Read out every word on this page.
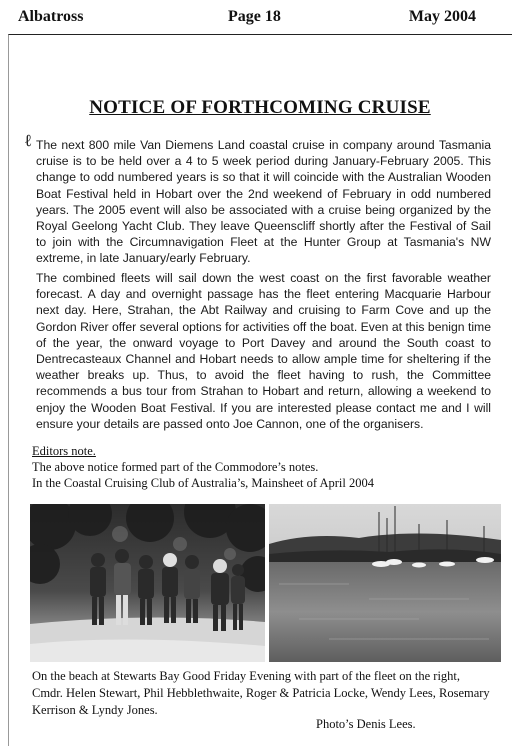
Albatross	Page 18	May 2004
NOTICE OF FORTHCOMING CRUISE
ℓ The next 800 mile Van Diemens Land coastal cruise in company around Tasmania cruise is to be held over a 4 to 5 week period during January-February 2005. This change to odd numbered years is so that it will coincide with the Australian Wooden Boat Festival held in Hobart over the 2nd weekend of February in odd numbered years. The 2005 event will also be associated with a cruise being organized by the Royal Geelong Yacht Club. They leave Queenscliff shortly after the Festival of Sail to join with the Circumnavigation Fleet at the Hunter Group at Tasmania's NW extreme, in late January/early February.
The combined fleets will sail down the west coast on the first favorable weather forecast. A day and overnight passage has the fleet entering Macquarie Harbour next day. Here, Strahan, the Abt Railway and cruising to Farm Cove and up the Gordon River offer several options for activities off the boat. Even at this benign time of the year, the onward voyage to Port Davey and around the South coast to Dentrecasteaux Channel and Hobart needs to allow ample time for sheltering if the weather breaks up. Thus, to avoid the fleet having to rush, the Committee recommends a bus tour from Strahan to Hobart and return, allowing a weekend to enjoy the Wooden Boat Festival. If you are interested please contact me and I will ensure your details are passed onto Joe Cannon, one of the organisers.
Editors note.
The above notice formed part of the Commodore’s notes.
In the Coastal Cruising Club of Australia’s, Mainsheet of April 2004
On the beach at Stewarts Bay Good Friday Evening with part of the fleet on the right, Cmdr. Helen Stewart, Phil Hebblethwaite, Roger & Patricia Locke, Wendy Lees, Rosemary Kerrison & Lyndy Jones.
Photo’s Denis Lees.
